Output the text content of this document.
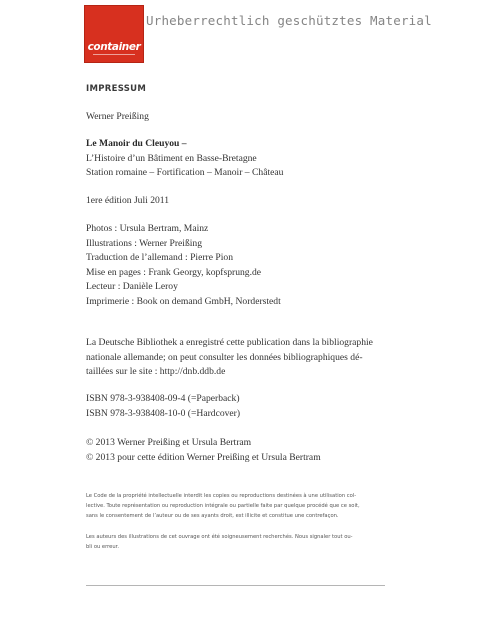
container
Urheberrechtlich geschütztes Material
IMPRESSUM
Werner Preißing
Le Manoir du Cleuyou –
L’Histoire d’un Bâtiment en Basse-Bretagne
Station romaine – Fortification – Manoir – Château
1ere édition Juli 2011
Photos : Ursula Bertram, Mainz
Illustrations : Werner Preißing
Traduction de l’allemand : Pierre Pion
Mise en pages : Frank Georgy, kopfsprung.de
Lecteur : Danièle Leroy
Imprimerie : Book on demand GmbH, Norderstedt
La Deutsche Bibliothek a enregistré cette publication dans la bibliographie
nationale allemande; on peut consulter les données bibliographiques dé-
taillées sur le site : http://dnb.ddb.de
ISBN 978-3-938408-09-4 (=Paperback)
ISBN 978-3-938408-10-0 (=Hardcover)
© 2013 Werner Preißing et Ursula Bertram
© 2013 pour cette édition Werner Preißing et Ursula Bertram
Le Code de la propriété intellectuelle interdit les copies ou reproductions destinées à une utilisation col-
lective. Toute représentation ou reproduction intégrale ou partielle faite par quelque procédé que ce soit,
sans le consentement de l’auteur ou de ses ayants droit, est illicite et constitue une contrefaçon.
Les auteurs des illustrations de cet ouvrage ont été soigneusement recherchés. Nous signaler tout ou-
bli ou erreur.
